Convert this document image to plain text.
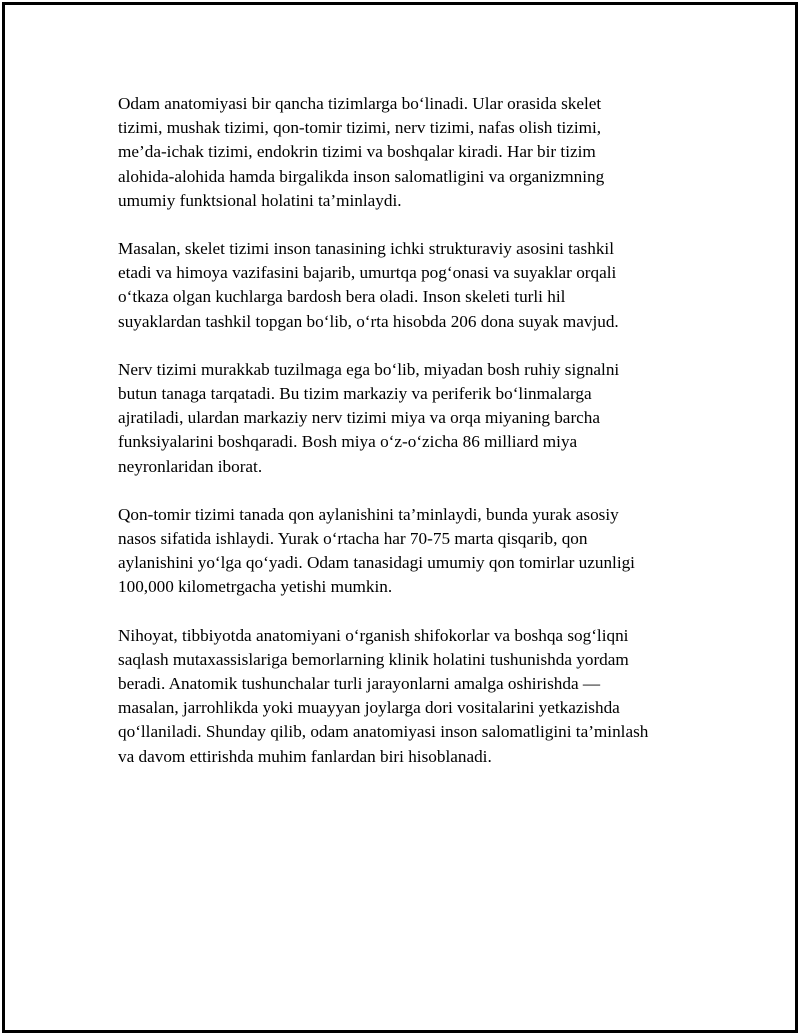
Odam anatomiyasi bir qancha tizimlarga bo‘linadi. Ular orasida skelet
tizimi, mushak tizimi, qon-tomir tizimi, nerv tizimi, nafas olish tizimi,
me’da-ichak tizimi, endokrin tizimi va boshqalar kiradi. Har bir tizim
alohida-alohida hamda birgalikda inson salomatligini va organizmning
umumiy funktsional holatini ta’minlaydi.

Masalan, skelet tizimi inson tanasining ichki strukturaviy asosini tashkil
etadi va himoya vazifasini bajarib, umurtqa pog‘onasi va suyaklar orqali
o‘tkaza olgan kuchlarga bardosh bera oladi. Inson skeleti turli hil
suyaklardan tashkil topgan bo‘lib, o‘rta hisobda 206 dona suyak mavjud.

Nerv tizimi murakkab tuzilmaga ega bo‘lib, miyadan bosh ruhiy signalni
butun tanaga tarqatadi. Bu tizim markaziy va periferik bo‘linmalarga
ajratiladi, ulardan markaziy nerv tizimi miya va orqa miyaning barcha
funksiyalarini boshqaradi. Bosh miya o‘z-o‘zicha 86 milliard miya
neyronlaridan iborat.

Qon-tomir tizimi tanada qon aylanishini ta’minlaydi, bunda yurak asosiy
nasos sifatida ishlaydi. Yurak o‘rtacha har 70-75 marta qisqarib, qon
aylanishini yo‘lga qo‘yadi. Odam tanasidagi umumiy qon tomirlar uzunligi
100,000 kilometrgacha yetishi mumkin.

Nihoyat, tibbiyotda anatomiyani o‘rganish shifokorlar va boshqa sog‘liqni
saqlash mutaxassislariga bemorlarning klinik holatini tushunishda yordam
beradi. Anatomik tushunchalar turli jarayonlarni amalga oshirishda —
masalan, jarrohlikda yoki muayyan joylarga dori vositalarini yetkazishda
qo‘llaniladi. Shunday qilib, odam anatomiyasi inson salomatligini ta’minlash
va davom ettirishda muhim fanlardan biri hisoblanadi.
